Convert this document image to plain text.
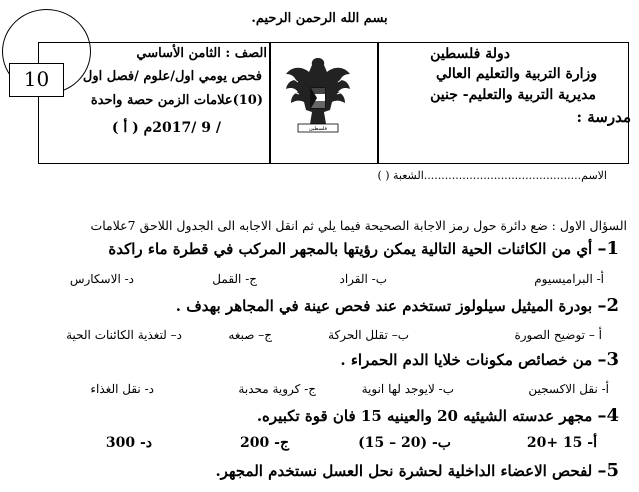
بسم الله الرحمن الرحيم.
دولة فلسطين
وزارة التربية والتعليم العالي
مديرية التربية والتعليم- جنين
مدرسة :
فلسطين
الصف : الثامن الأساسي
فحص يومي اول/علوم /فصل اول
(10)علامات الزمن حصة واحدة
/ 9 /2017م ( أ )
10
الاسم.............................................الشعبة ( )
السؤال الاول : ضع دائرة حول رمز الاجابة الصحيحة فيما يلي ثم انقل الاجابه الى الجدول اللاحق 7علامات
1– أي من الكائنات الحية التالية يمكن رؤيتها بالمجهر المركب في قطرة ماء راكدة
أ- البراميسيوم
ب- القراد
ج- القمل
د- الاسكارس
2– بودرة الميثيل سيلولوز تستخدم عند فحص عينة في المجاهر بهدف .
أ – توضيح الصورة
ب– تقلل الحركة
ج– صبغه
د– لتغذية الكائنات الحية
3– من خصائص مكونات خلايا الدم الحمراء .
أ- نقل الاكسجين
ب- لايوجد لها انوية
ج- كروية محدبة
د- نقل الغذاء
4– مجهر عدسته الشيئيه 20 والعينيه 15 فان قوة تكبيره.
أ- 15 +20
ب- (20 – 15)
ج- 200
د- 300
5– لفحص الاعضاء الداخلية لحشرة نحل العسل نستخدم المجهر.
